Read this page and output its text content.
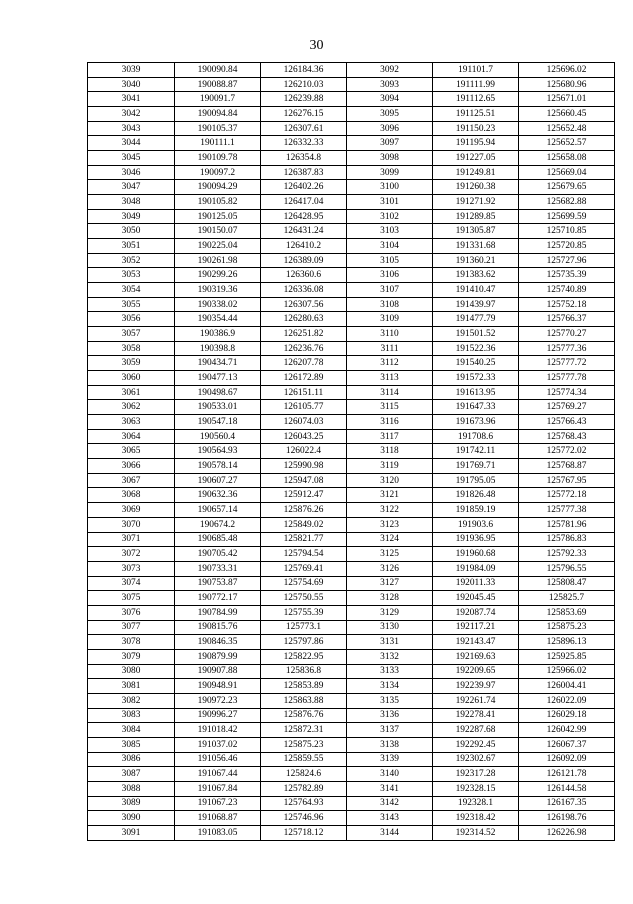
30
3039	190090.84	126184.36	3092	191101.7	125696.02
3040	190088.87	126210.03	3093	191111.99	125680.96
3041	190091.7	126239.88	3094	191112.65	125671.01
3042	190094.84	126276.15	3095	191125.51	125660.45
3043	190105.37	126307.61	3096	191150.23	125652.48
3044	190111.1	126332.33	3097	191195.94	125652.57
3045	190109.78	126354.8	3098	191227.05	125658.08
3046	190097.2	126387.83	3099	191249.81	125669.04
3047	190094.29	126402.26	3100	191260.38	125679.65
3048	190105.82	126417.04	3101	191271.92	125682.88
3049	190125.05	126428.95	3102	191289.85	125699.59
3050	190150.07	126431.24	3103	191305.87	125710.85
3051	190225.04	126410.2	3104	191331.68	125720.85
3052	190261.98	126389.09	3105	191360.21	125727.96
3053	190299.26	126360.6	3106	191383.62	125735.39
3054	190319.36	126336.08	3107	191410.47	125740.89
3055	190338.02	126307.56	3108	191439.97	125752.18
3056	190354.44	126280.63	3109	191477.79	125766.37
3057	190386.9	126251.82	3110	191501.52	125770.27
3058	190398.8	126236.76	3111	191522.36	125777.36
3059	190434.71	126207.78	3112	191540.25	125777.72
3060	190477.13	126172.89	3113	191572.33	125777.78
3061	190498.67	126151.11	3114	191613.95	125774.34
3062	190533.01	126105.77	3115	191647.33	125769.27
3063	190547.18	126074.03	3116	191673.96	125766.43
3064	190560.4	126043.25	3117	191708.6	125768.43
3065	190564.93	126022.4	3118	191742.11	125772.02
3066	190578.14	125990.98	3119	191769.71	125768.87
3067	190607.27	125947.08	3120	191795.05	125767.95
3068	190632.36	125912.47	3121	191826.48	125772.18
3069	190657.14	125876.26	3122	191859.19	125777.38
3070	190674.2	125849.02	3123	191903.6	125781.96
3071	190685.48	125821.77	3124	191936.95	125786.83
3072	190705.42	125794.54	3125	191960.68	125792.33
3073	190733.31	125769.41	3126	191984.09	125796.55
3074	190753.87	125754.69	3127	192011.33	125808.47
3075	190772.17	125750.55	3128	192045.45	125825.7
3076	190784.99	125755.39	3129	192087.74	125853.69
3077	190815.76	125773.1	3130	192117.21	125875.23
3078	190846.35	125797.86	3131	192143.47	125896.13
3079	190879.99	125822.95	3132	192169.63	125925.85
3080	190907.88	125836.8	3133	192209.65	125966.02
3081	190948.91	125853.89	3134	192239.97	126004.41
3082	190972.23	125863.88	3135	192261.74	126022.09
3083	190996.27	125876.76	3136	192278.41	126029.18
3084	191018.42	125872.31	3137	192287.68	126042.99
3085	191037.02	125875.23	3138	192292.45	126067.37
3086	191056.46	125859.55	3139	192302.67	126092.09
3087	191067.44	125824.6	3140	192317.28	126121.78
3088	191067.84	125782.89	3141	192328.15	126144.58
3089	191067.23	125764.93	3142	192328.1	126167.35
3090	191068.87	125746.96	3143	192318.42	126198.76
3091	191083.05	125718.12	3144	192314.52	126226.98
